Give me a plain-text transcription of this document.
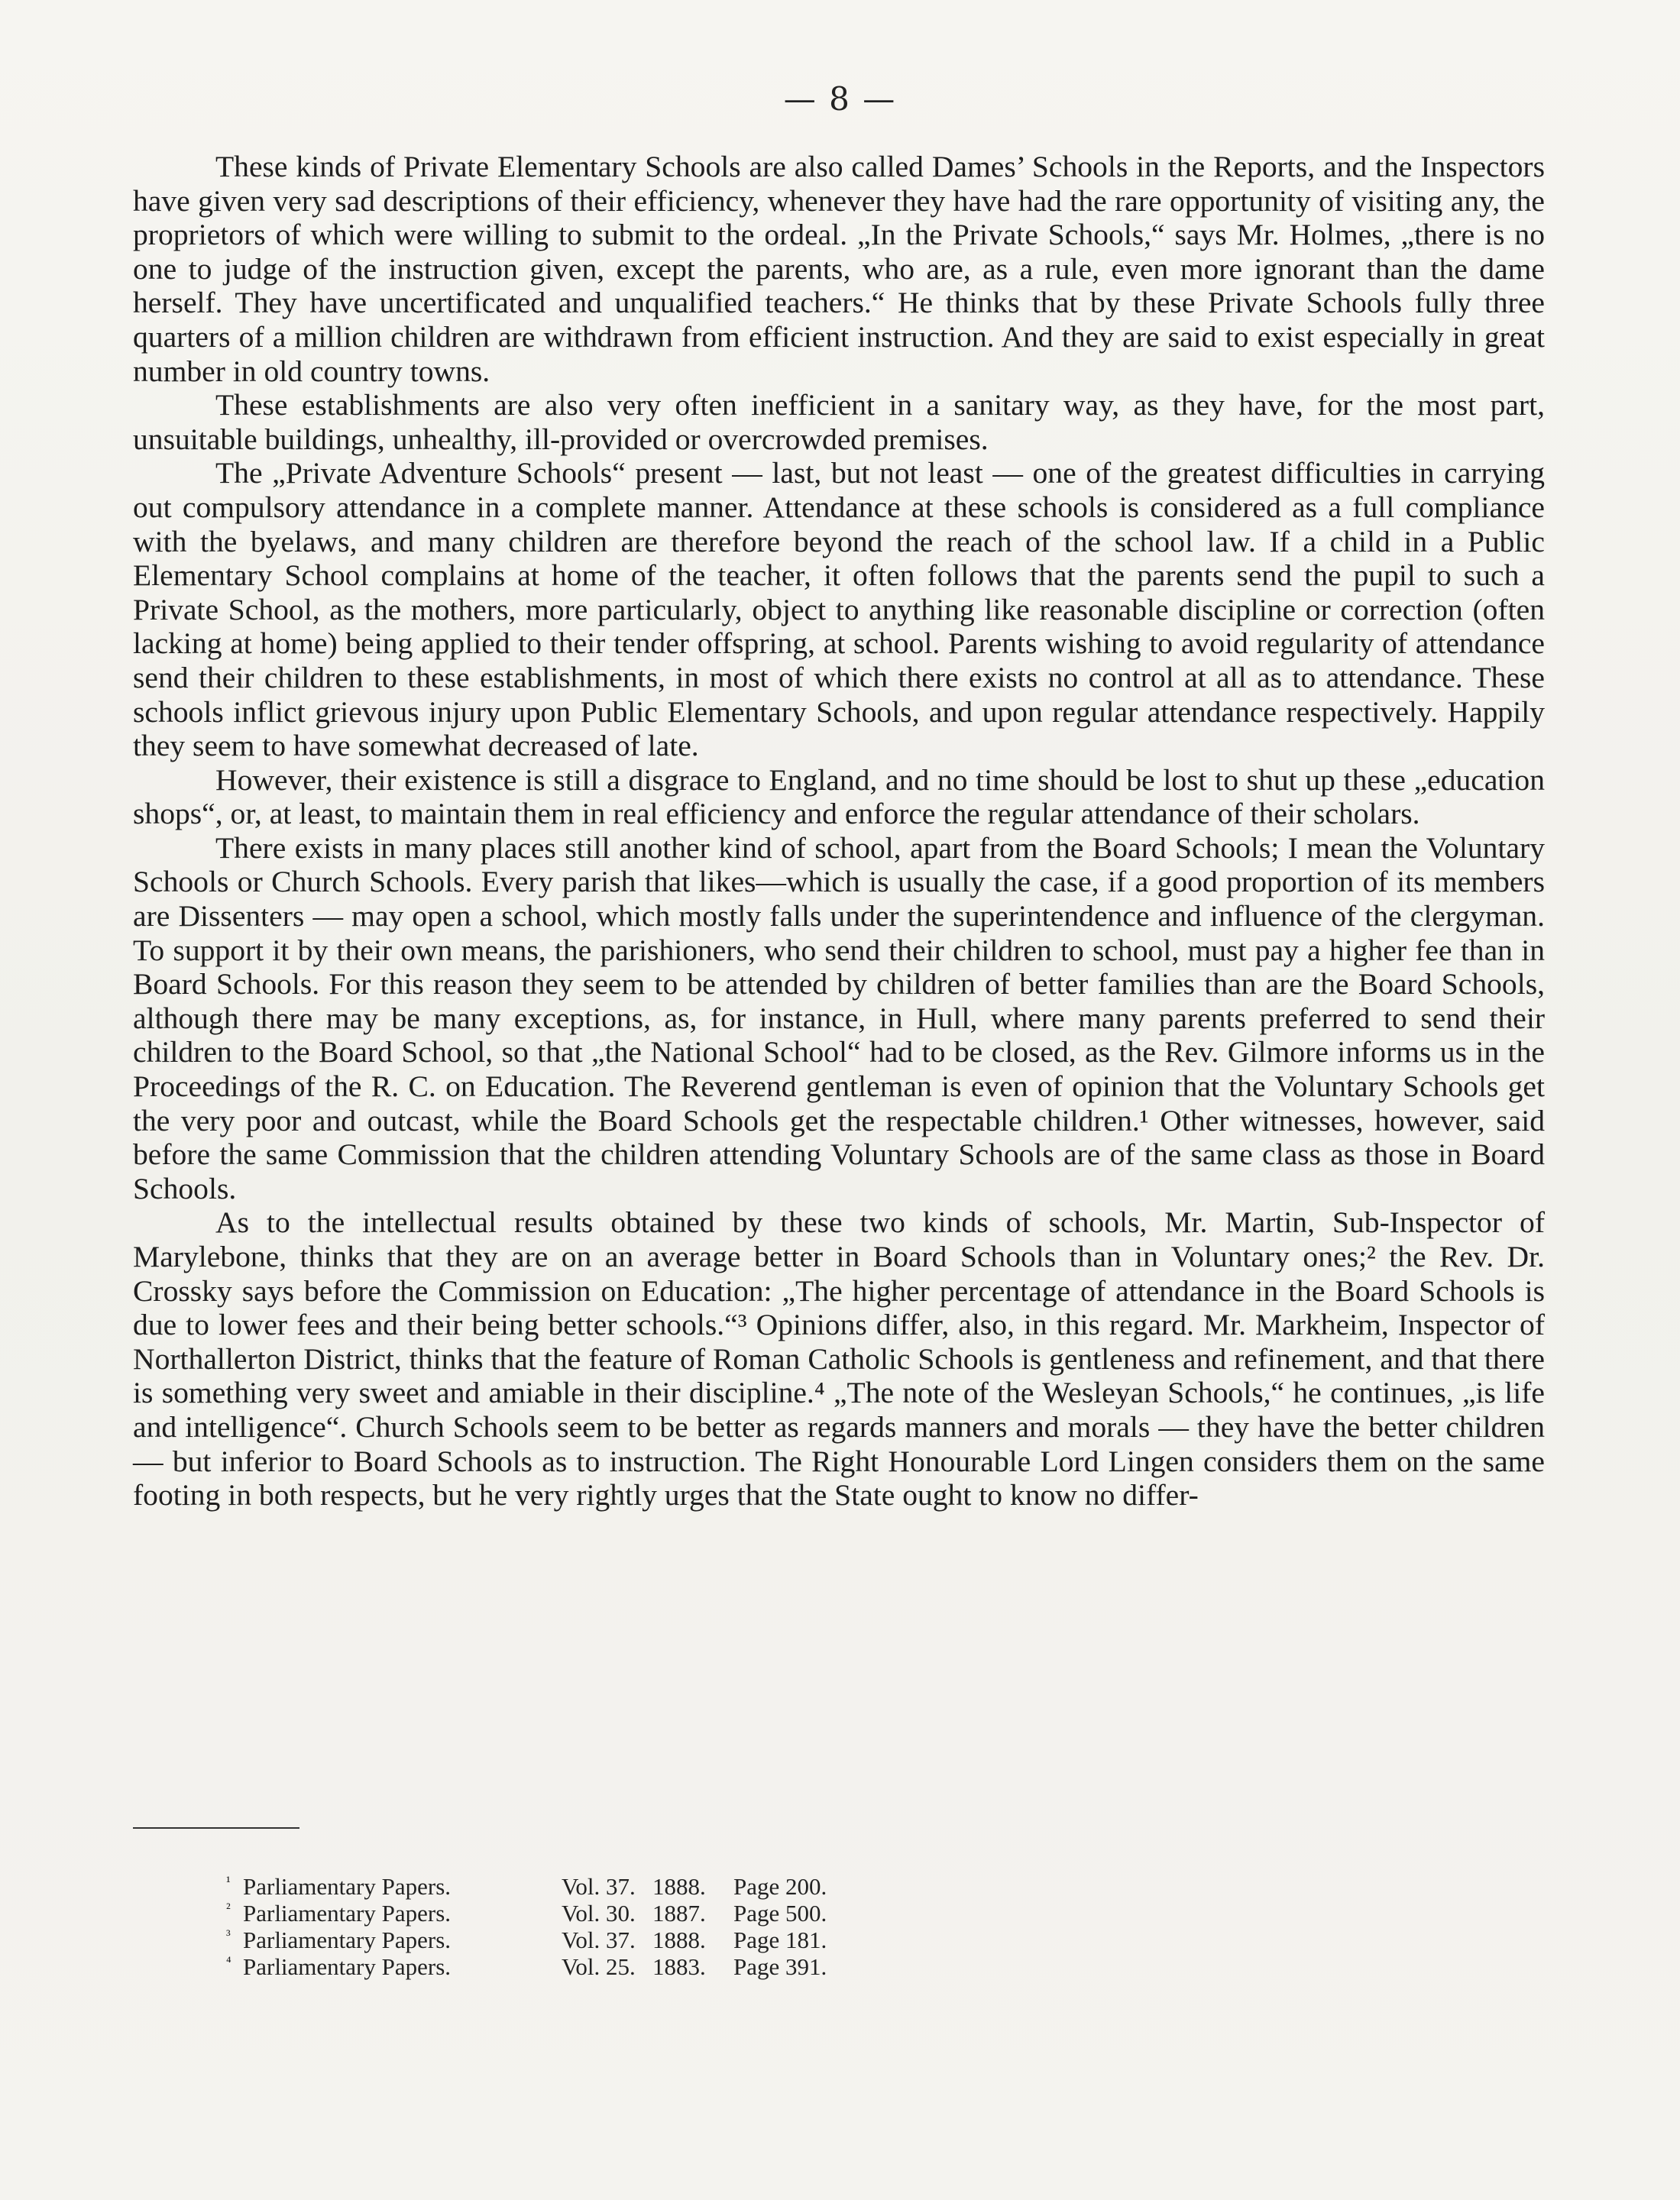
— 8 —

These kinds of Private Elementary Schools are also called Dames’ Schools in the Reports, and the Inspectors have given very sad descriptions of their efficiency, whenever they have had the rare opportunity of visiting any, the proprietors of which were willing to submit to the ordeal. „In the Private Schools,“ says Mr. Holmes, „there is no one to judge of the instruction given, except the parents, who are, as a rule, even more ignorant than the dame herself. They have uncertificated and unqualified teachers.“ He thinks that by these Private Schools fully three quarters of a million children are withdrawn from efficient instruction. And they are said to exist especially in great number in old country towns.

These establishments are also very often inefficient in a sanitary way, as they have, for the most part, unsuitable buildings, unhealthy, ill-provided or overcrowded premises.

The „Private Adventure Schools“ present — last, but not least — one of the greatest difficulties in carrying out compulsory attendance in a complete manner. Attendance at these schools is considered as a full compliance with the byelaws, and many children are therefore beyond the reach of the school law. If a child in a Public Elementary School complains at home of the teacher, it often follows that the parents send the pupil to such a Private School, as the mothers, more particularly, object to anything like reasonable discipline or correction (often lacking at home) being applied to their tender offspring, at school. Parents wishing to avoid regularity of attendance send their children to these establishments, in most of which there exists no control at all as to attendance. These schools inflict grievous injury upon Public Elementary Schools, and upon regular attendance respectively. Happily they seem to have somewhat decreased of late.

However, their existence is still a disgrace to England, and no time should be lost to shut up these „education shops“, or, at least, to maintain them in real efficiency and enforce the regular attendance of their scholars.

There exists in many places still another kind of school, apart from the Board Schools; I mean the Voluntary Schools or Church Schools. Every parish that likes—which is usually the case, if a good proportion of its members are Dissenters — may open a school, which mostly falls under the superintendence and influence of the clergyman. To support it by their own means, the parishioners, who send their children to school, must pay a higher fee than in Board Schools. For this reason they seem to be attended by children of better families than are the Board Schools, although there may be many exceptions, as, for instance, in Hull, where many parents preferred to send their children to the Board School, so that „the National School“ had to be closed, as the Rev. Gilmore informs us in the Proceedings of the R. C. on Education. The Reverend gentleman is even of opinion that the Voluntary Schools get the very poor and outcast, while the Board Schools get the respectable children.¹ Other witnesses, however, said before the same Commission that the children attending Voluntary Schools are of the same class as those in Board Schools.

As to the intellectual results obtained by these two kinds of schools, Mr. Martin, Sub-Inspector of Marylebone, thinks that they are on an average better in Board Schools than in Voluntary ones;² the Rev. Dr. Crossky says before the Commission on Education: „The higher percentage of attendance in the Board Schools is due to lower fees and their being better schools.“³ Opinions differ, also, in this regard. Mr. Markheim, Inspector of Northallerton District, thinks that the feature of Roman Catholic Schools is gentleness and refinement, and that there is something very sweet and amiable in their discipline.⁴ „The note of the Wesleyan Schools,“ he continues, „is life and intelligence“. Church Schools seem to be better as regards manners and morals — they have the better children — but inferior to Board Schools as to instruction. The Right Honourable Lord Lingen considers them on the same footing in both respects, but he very rightly urges that the State ought to know no differ-

¹ Parliamentary Papers.	Vol. 37. 1888.	Page 200.
² Parliamentary Papers.	Vol. 30. 1887.	Page 500.
³ Parliamentary Papers.	Vol. 37. 1888.	Page 181.
⁴ Parliamentary Papers.	Vol. 25. 1883.	Page 391.
